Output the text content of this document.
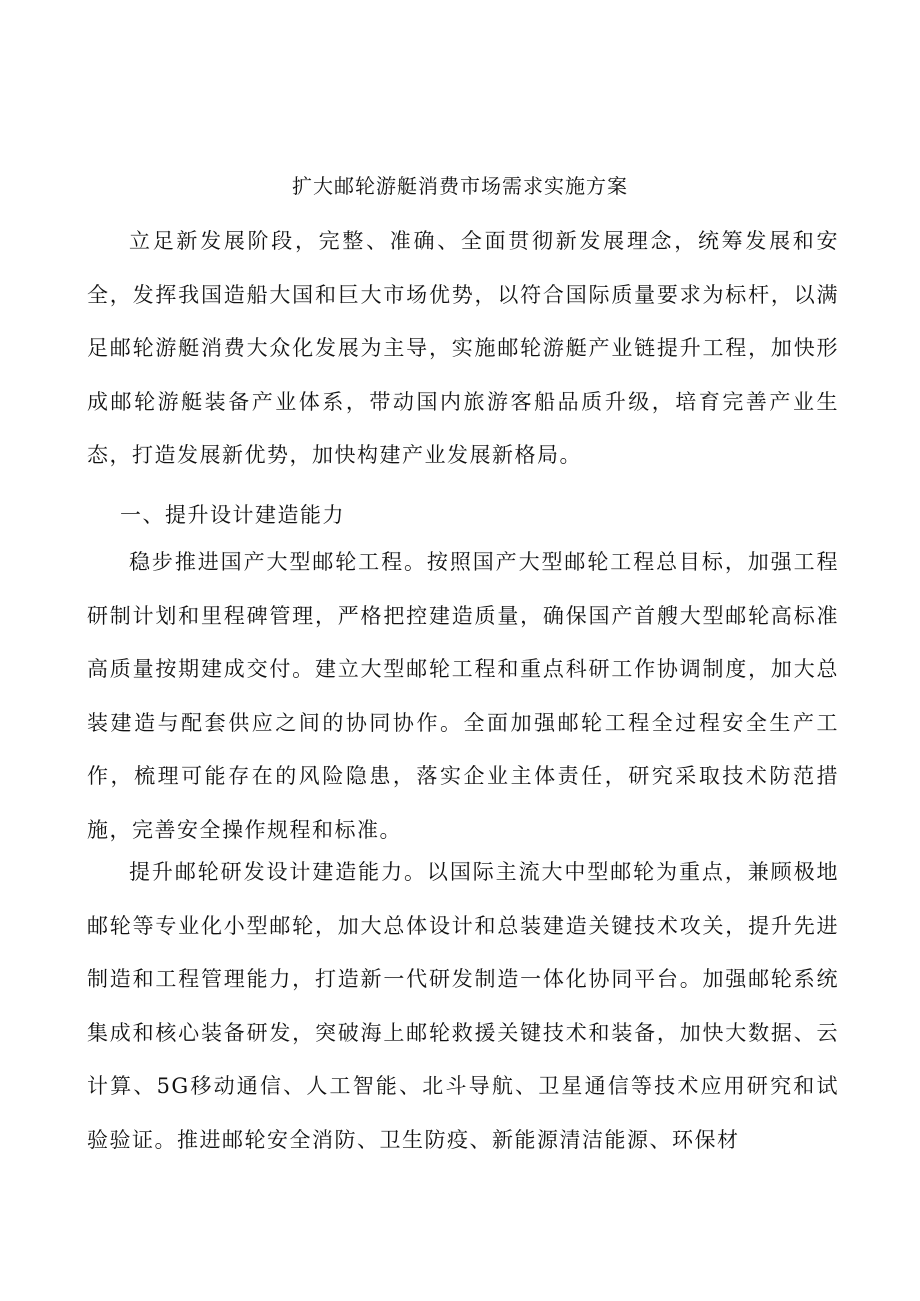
扩大邮轮游艇消费市场需求实施方案

立足新发展阶段，完整、准确、全面贯彻新发展理念，统筹发展和安全，发挥我国造船大国和巨大市场优势，以符合国际质量要求为标杆，以满足邮轮游艇消费大众化发展为主导，实施邮轮游艇产业链提升工程，加快形成邮轮游艇装备产业体系，带动国内旅游客船品质升级，培育完善产业生态，打造发展新优势，加快构建产业发展新格局。

一、提升设计建造能力

稳步推进国产大型邮轮工程。按照国产大型邮轮工程总目标，加强工程研制计划和里程碑管理，严格把控建造质量，确保国产首艘大型邮轮高标准高质量按期建成交付。建立大型邮轮工程和重点科研工作协调制度，加大总装建造与配套供应之间的协同协作。全面加强邮轮工程全过程安全生产工作，梳理可能存在的风险隐患，落实企业主体责任，研究采取技术防范措施，完善安全操作规程和标准。

提升邮轮研发设计建造能力。以国际主流大中型邮轮为重点，兼顾极地邮轮等专业化小型邮轮，加大总体设计和总装建造关键技术攻关，提升先进制造和工程管理能力，打造新一代研发制造一体化协同平台。加强邮轮系统集成和核心装备研发，突破海上邮轮救援关键技术和装备，加快大数据、云计算、5G移动通信、人工智能、北斗导航、卫星通信等技术应用研究和试验验证。推进邮轮安全消防、卫生防疫、新能源清洁能源、环保材
